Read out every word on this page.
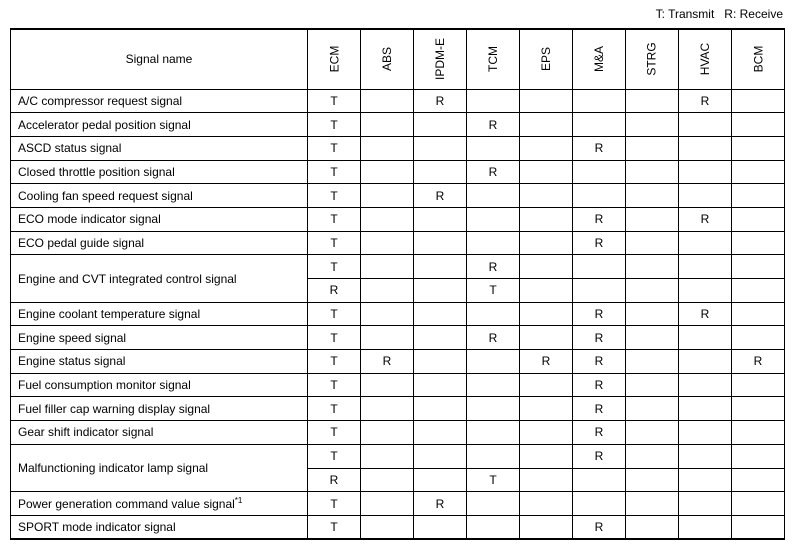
T: Transmit   R: Receive
Signal name	ECM	ABS	IPDM-E	TCM	EPS	M&A	STRG	HVAC	BCM
A/C compressor request signal	T		R					R	
Accelerator pedal position signal	T			R					
ASCD status signal	T					R			
Closed throttle position signal	T			R					
Cooling fan speed request signal	T		R						
ECO mode indicator signal	T					R		R	
ECO pedal guide signal	T					R			
Engine and CVT integrated control signal	T			R					
	R			T					
Engine coolant temperature signal	T					R		R	
Engine speed signal	T			R		R			
Engine status signal	T	R			R	R			R
Fuel consumption monitor signal	T					R			
Fuel filler cap warning display signal	T					R			
Gear shift indicator signal	T					R			
Malfunctioning indicator lamp signal	T					R			
	R			T					
Power generation command value signal$^{*1}$	T		R						
SPORT mode indicator signal	T					R			
